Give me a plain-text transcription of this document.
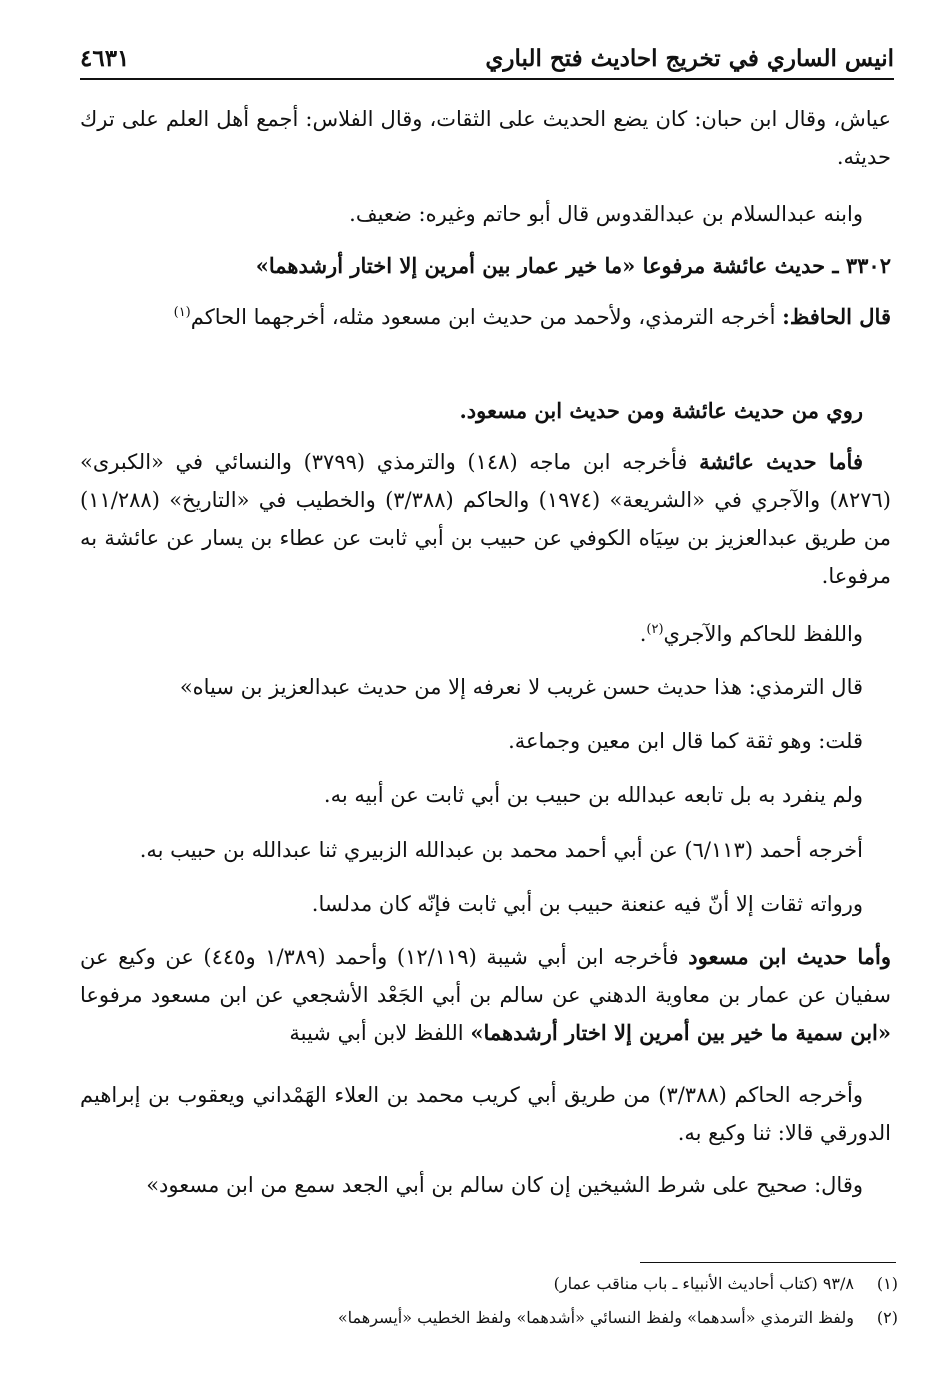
انيس الساري في تخريج احاديث فتح الباري
٤٦٣١
عياش، وقال ابن حبان: كان يضع الحديث على الثقات، وقال الفلاس: أجمع أهل العلم على ترك حديثه.
وابنه عبدالسلام بن عبدالقدوس قال أبو حاتم وغيره: ضعيف.
٣٣٠٢ ـ حديث عائشة مرفوعا «ما خير عمار بين أمرين إلا اختار أرشدهما»
قال الحافظ: أخرجه الترمذي، ولأحمد من حديث ابن مسعود مثله، أخرجهما الحاكم$^{(١)}$
روي من حديث عائشة ومن حديث ابن مسعود.
فأما حديث عائشة فأخرجه ابن ماجه (١٤٨) والترمذي (٣٧٩٩) والنسائي في «الكبرى» (٨٢٧٦) والآجري في «الشريعة» (١٩٧٤) والحاكم (٣/٣٨٨) والخطيب في «التاريخ» (١١/٢٨٨) من طريق عبدالعزيز بن سِيَاه الكوفي عن حبيب بن أبي ثابت عن عطاء بن يسار عن عائشة به مرفوعا.
واللفظ للحاكم والآجري$^{(٢)}$.
قال الترمذي: هذا حديث حسن غريب لا نعرفه إلا من حديث عبدالعزيز بن سياه»
قلت: وهو ثقة كما قال ابن معين وجماعة.
ولم ينفرد به بل تابعه عبدالله بن حبيب بن أبي ثابت عن أبيه به.
أخرجه أحمد (٦/١١٣) عن أبي أحمد محمد بن عبدالله الزبيري ثنا عبدالله بن حبيب به.
ورواته ثقات إلا أنّ فيه عنعنة حبيب بن أبي ثابت فإنّه كان مدلسا.
وأما حديث ابن مسعود فأخرجه ابن أبي شيبة (١٢/١١٩) وأحمد (١/٣٨٩ و٤٤٥) عن وكيع عن سفيان عن عمار بن معاوية الدهني عن سالم بن أبي الجَعْد الأشجعي عن ابن مسعود مرفوعا «ابن سمية ما خير بين أمرين إلا اختار أرشدهما» اللفظ لابن أبي شيبة
وأخرجه الحاكم (٣/٣٨٨) من طريق أبي كريب محمد بن العلاء الهَمْداني ويعقوب بن إبراهيم الدورقي قالا: ثنا وكيع به.
وقال: صحيح على شرط الشيخين إن كان سالم بن أبي الجعد سمع من ابن مسعود»
(١)٩٣/٨ (كتاب أحاديث الأنبياء ـ باب مناقب عمار)
(٢)ولفظ الترمذي «أسدهما» ولفظ النسائي «أشدهما» ولفظ الخطيب «أيسرهما»
